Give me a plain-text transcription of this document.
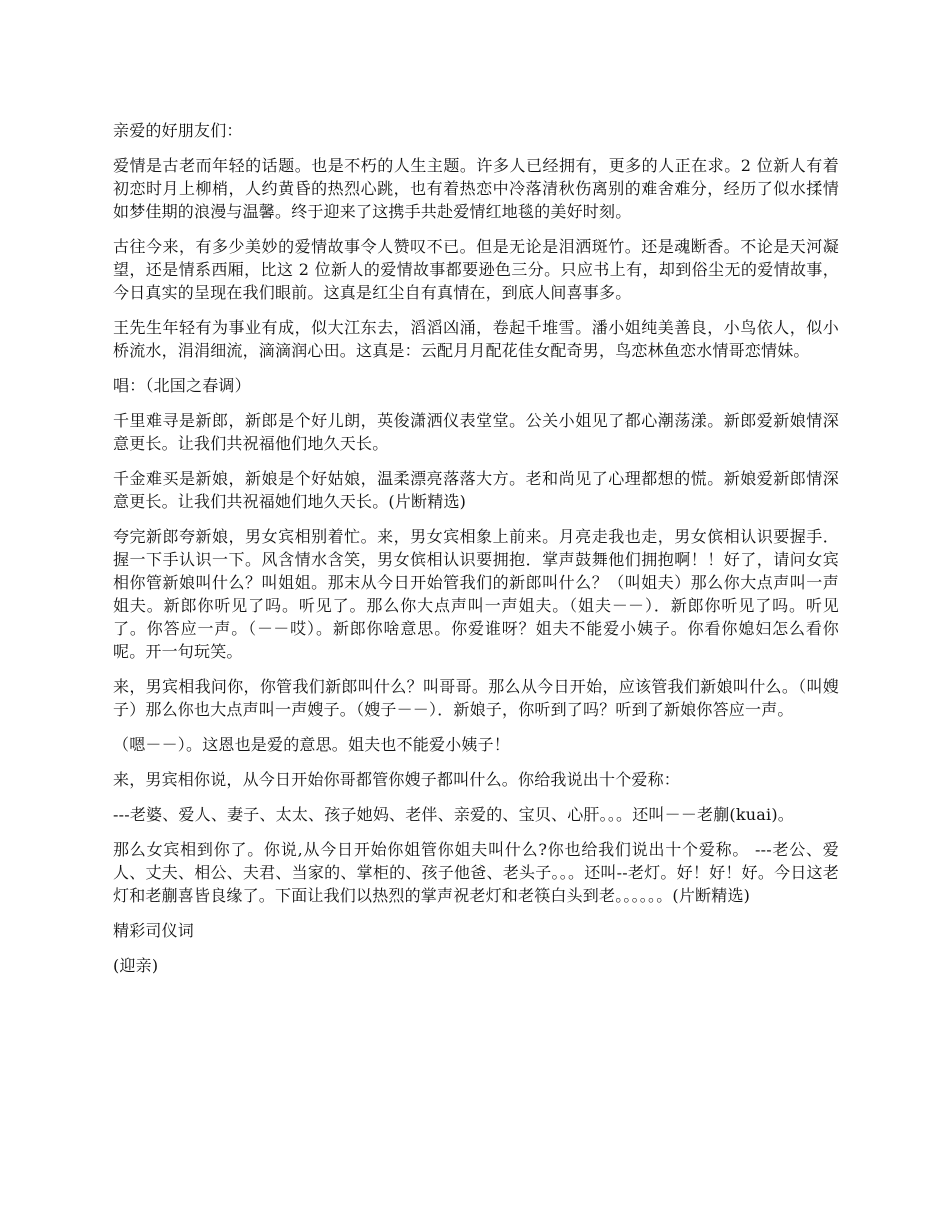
亲爱的好朋友们：

爱情是古老而年轻的话题。也是不朽的人生主题。许多人已经拥有，更多的人正在求。2 位新人有着初恋时月上柳梢，人约黄昏的热烈心跳，也有着热恋中冷落清秋伤离别的难舍难分，经历了似水揉情如梦佳期的浪漫与温馨。终于迎来了这携手共赴爱情红地毯的美好时刻。

古往今来，有多少美妙的爱情故事令人赞叹不已。但是无论是泪洒斑竹。还是魂断香。不论是天河凝望，还是情系西厢，比这 2 位新人的爱情故事都要逊色三分。只应书上有，却到俗尘无的爱情故事，今日真实的呈现在我们眼前。这真是红尘自有真情在，到底人间喜事多。

王先生年轻有为事业有成，似大江东去，滔滔凶涌，卷起千堆雪。潘小姐纯美善良，小鸟依人，似小桥流水，涓涓细流，滴滴润心田。这真是：云配月月配花佳女配奇男，鸟恋林鱼恋水情哥恋情妹。

唱：（北国之春调）

千里难寻是新郎，新郎是个好儿朗，英俊潇洒仪表堂堂。公关小姐见了都心潮荡漾。新郎爱新娘情深意更长。让我们共祝福他们地久天长。

千金难买是新娘，新娘是个好姑娘，温柔漂亮落落大方。老和尚见了心理都想的慌。新娘爱新郎情深意更长。让我们共祝福她们地久天长。(片断精选)

夸完新郎夸新娘，男女宾相别着忙。来，男女宾相象上前来。月亮走我也走，男女傧相认识要握手．握一下手认识一下。风含情水含笑，男女傧相认识要拥抱．掌声鼓舞他们拥抱啊！！好了，请问女宾相你管新娘叫什么？叫姐姐。那末从今日开始管我们的新郎叫什么？（叫姐夫）那么你大点声叫一声姐夫。新郎你听见了吗。听见了。那么你大点声叫一声姐夫。（姐夫－－）．新郎你听见了吗。听见了。你答应一声。（－－哎）。新郎你啥意思。你爱谁呀？姐夫不能爱小姨子。你看你媳妇怎么看你呢。开一句玩笑。

来，男宾相我问你，你管我们新郎叫什么？叫哥哥。那么从今日开始，应该管我们新娘叫什么。（叫嫂子）那么你也大点声叫一声嫂子。（嫂子－－）．新娘子，你听到了吗？听到了新娘你答应一声。

（嗯－－）。这恩也是爱的意思。姐夫也不能爱小姨子！

来，男宾相你说，从今日开始你哥都管你嫂子都叫什么。你给我说出十个爱称：

---老婆、爱人、妻子、太太、孩子她妈、老伴、亲爱的、宝贝、心肝。。。还叫－－老蒯(kuai)。

那么女宾相到你了。你说,从今日开始你姐管你姐夫叫什么?你也给我们说出十个爱称。 ---老公、爱人、丈夫、相公、夫君、当家的、掌柜的、孩子他爸、老头子。。。还叫--老灯。好！好！好。今日这老灯和老蒯喜皆良缘了。下面让我们以热烈的掌声祝老灯和老筷白头到老。。。。。。(片断精选)

精彩司仪词

(迎亲)
